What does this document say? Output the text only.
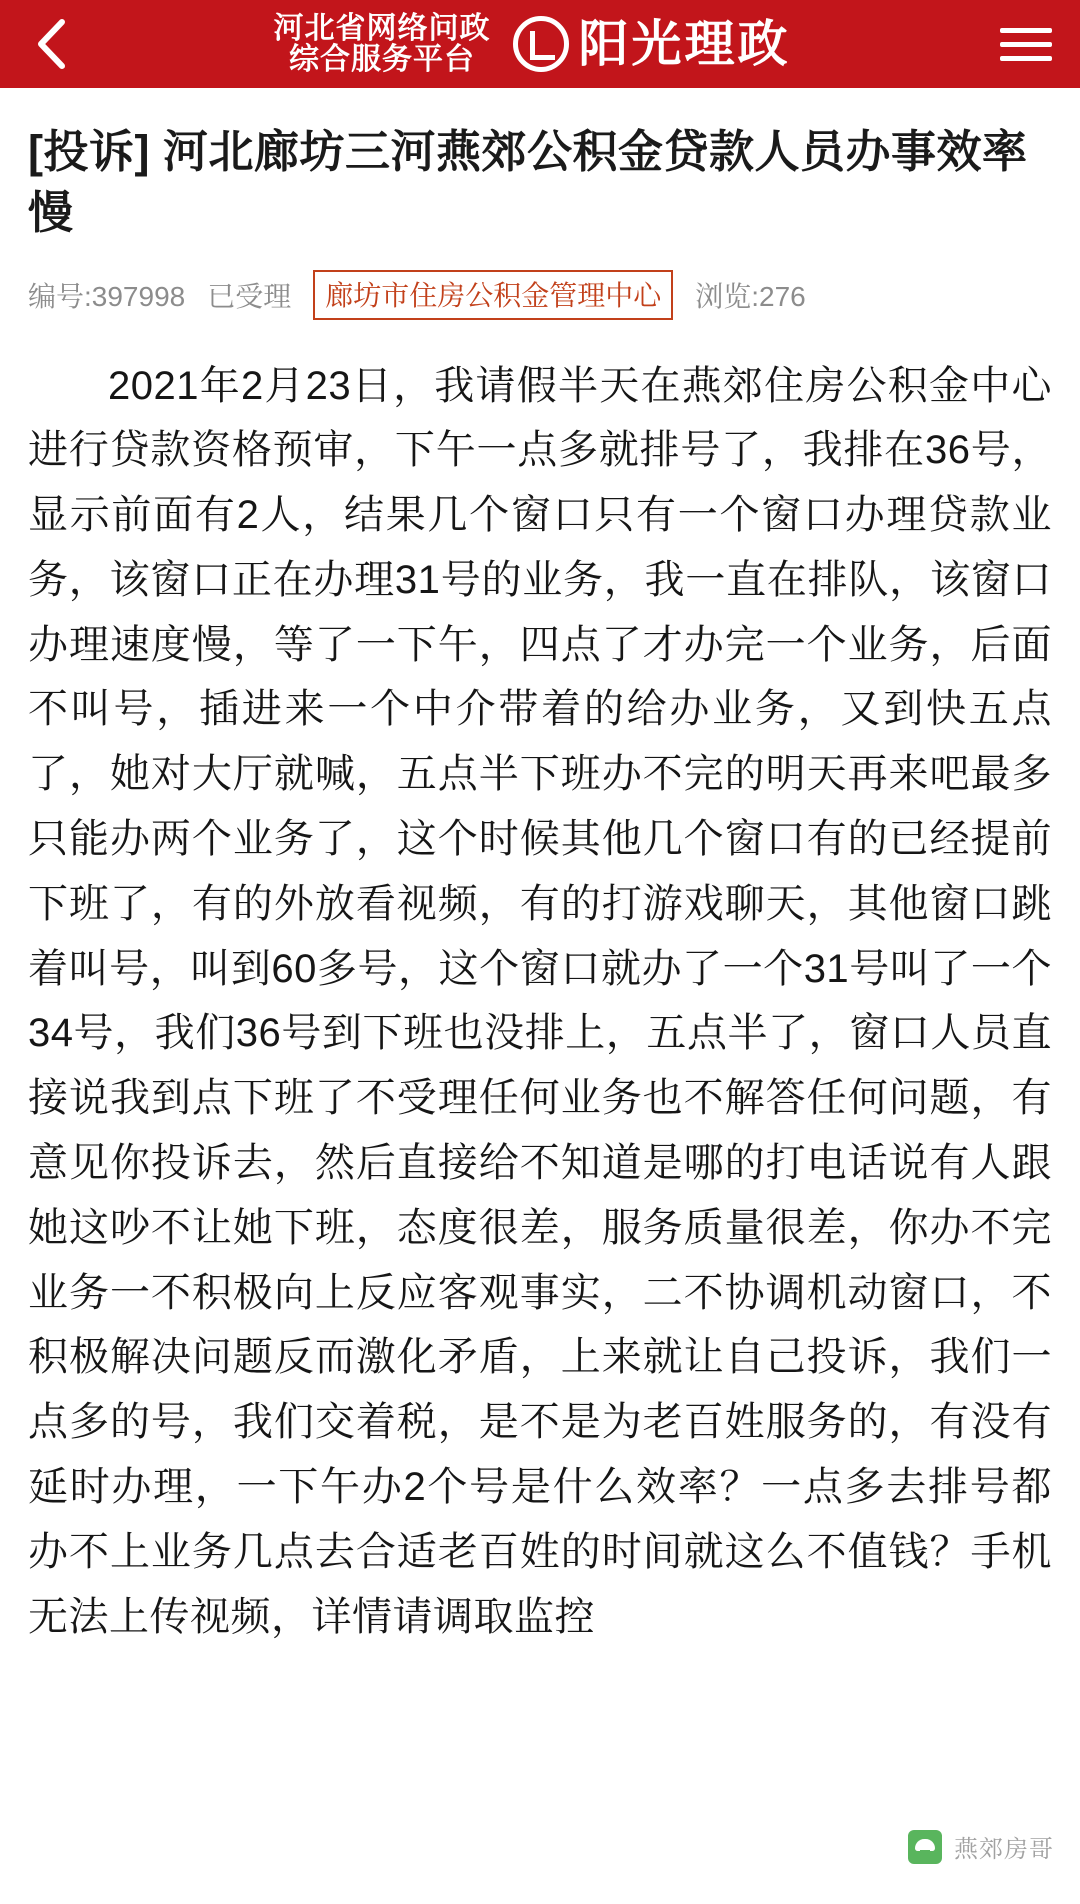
河北省网络问政
综合服务平台 阳光理政
[投诉] 河北廊坊三河燕郊公积金贷款人员办事效率慢
编号:397998 已受理	廊坊市住房公积金管理中心	浏览:276

2021年2月23日，我请假半天在燕郊住房公积金中心进行贷款资格预审，下午一点多就排号了，我排在36号，显示前面有2人，结果几个窗口只有一个窗口办理贷款业务，该窗口正在办理31号的业务，我一直在排队，该窗口办理速度慢，等了一下午，四点了才办完一个业务，后面不叫号，插进来一个中介带着的给办业务，又到快五点了，她对大厅就喊，五点半下班办不完的明天再来吧最多只能办两个业务了，这个时候其他几个窗口有的已经提前下班了，有的外放看视频，有的打游戏聊天，其他窗口跳着叫号，叫到60多号，这个窗口就办了一个31号叫了一个34号，我们36号到下班也没排上，五点半了，窗口人员直接说我到点下班了不受理任何业务也不解答任何问题，有意见你投诉去，然后直接给不知道是哪的打电话说有人跟她这吵不让她下班，态度很差，服务质量很差，你办不完业务一不积极向上反应客观事实，二不协调机动窗口，不积极解决问题反而激化矛盾，上来就让自己投诉，我们一点多的号，我们交着税，是不是为老百姓服务的，有没有延时办理，一下午办2个号是什么效率？一点多去排号都办不上业务几点去合适老百姓的时间就这么不值钱？手机无法上传视频，详情请调取监控

燕郊房哥
